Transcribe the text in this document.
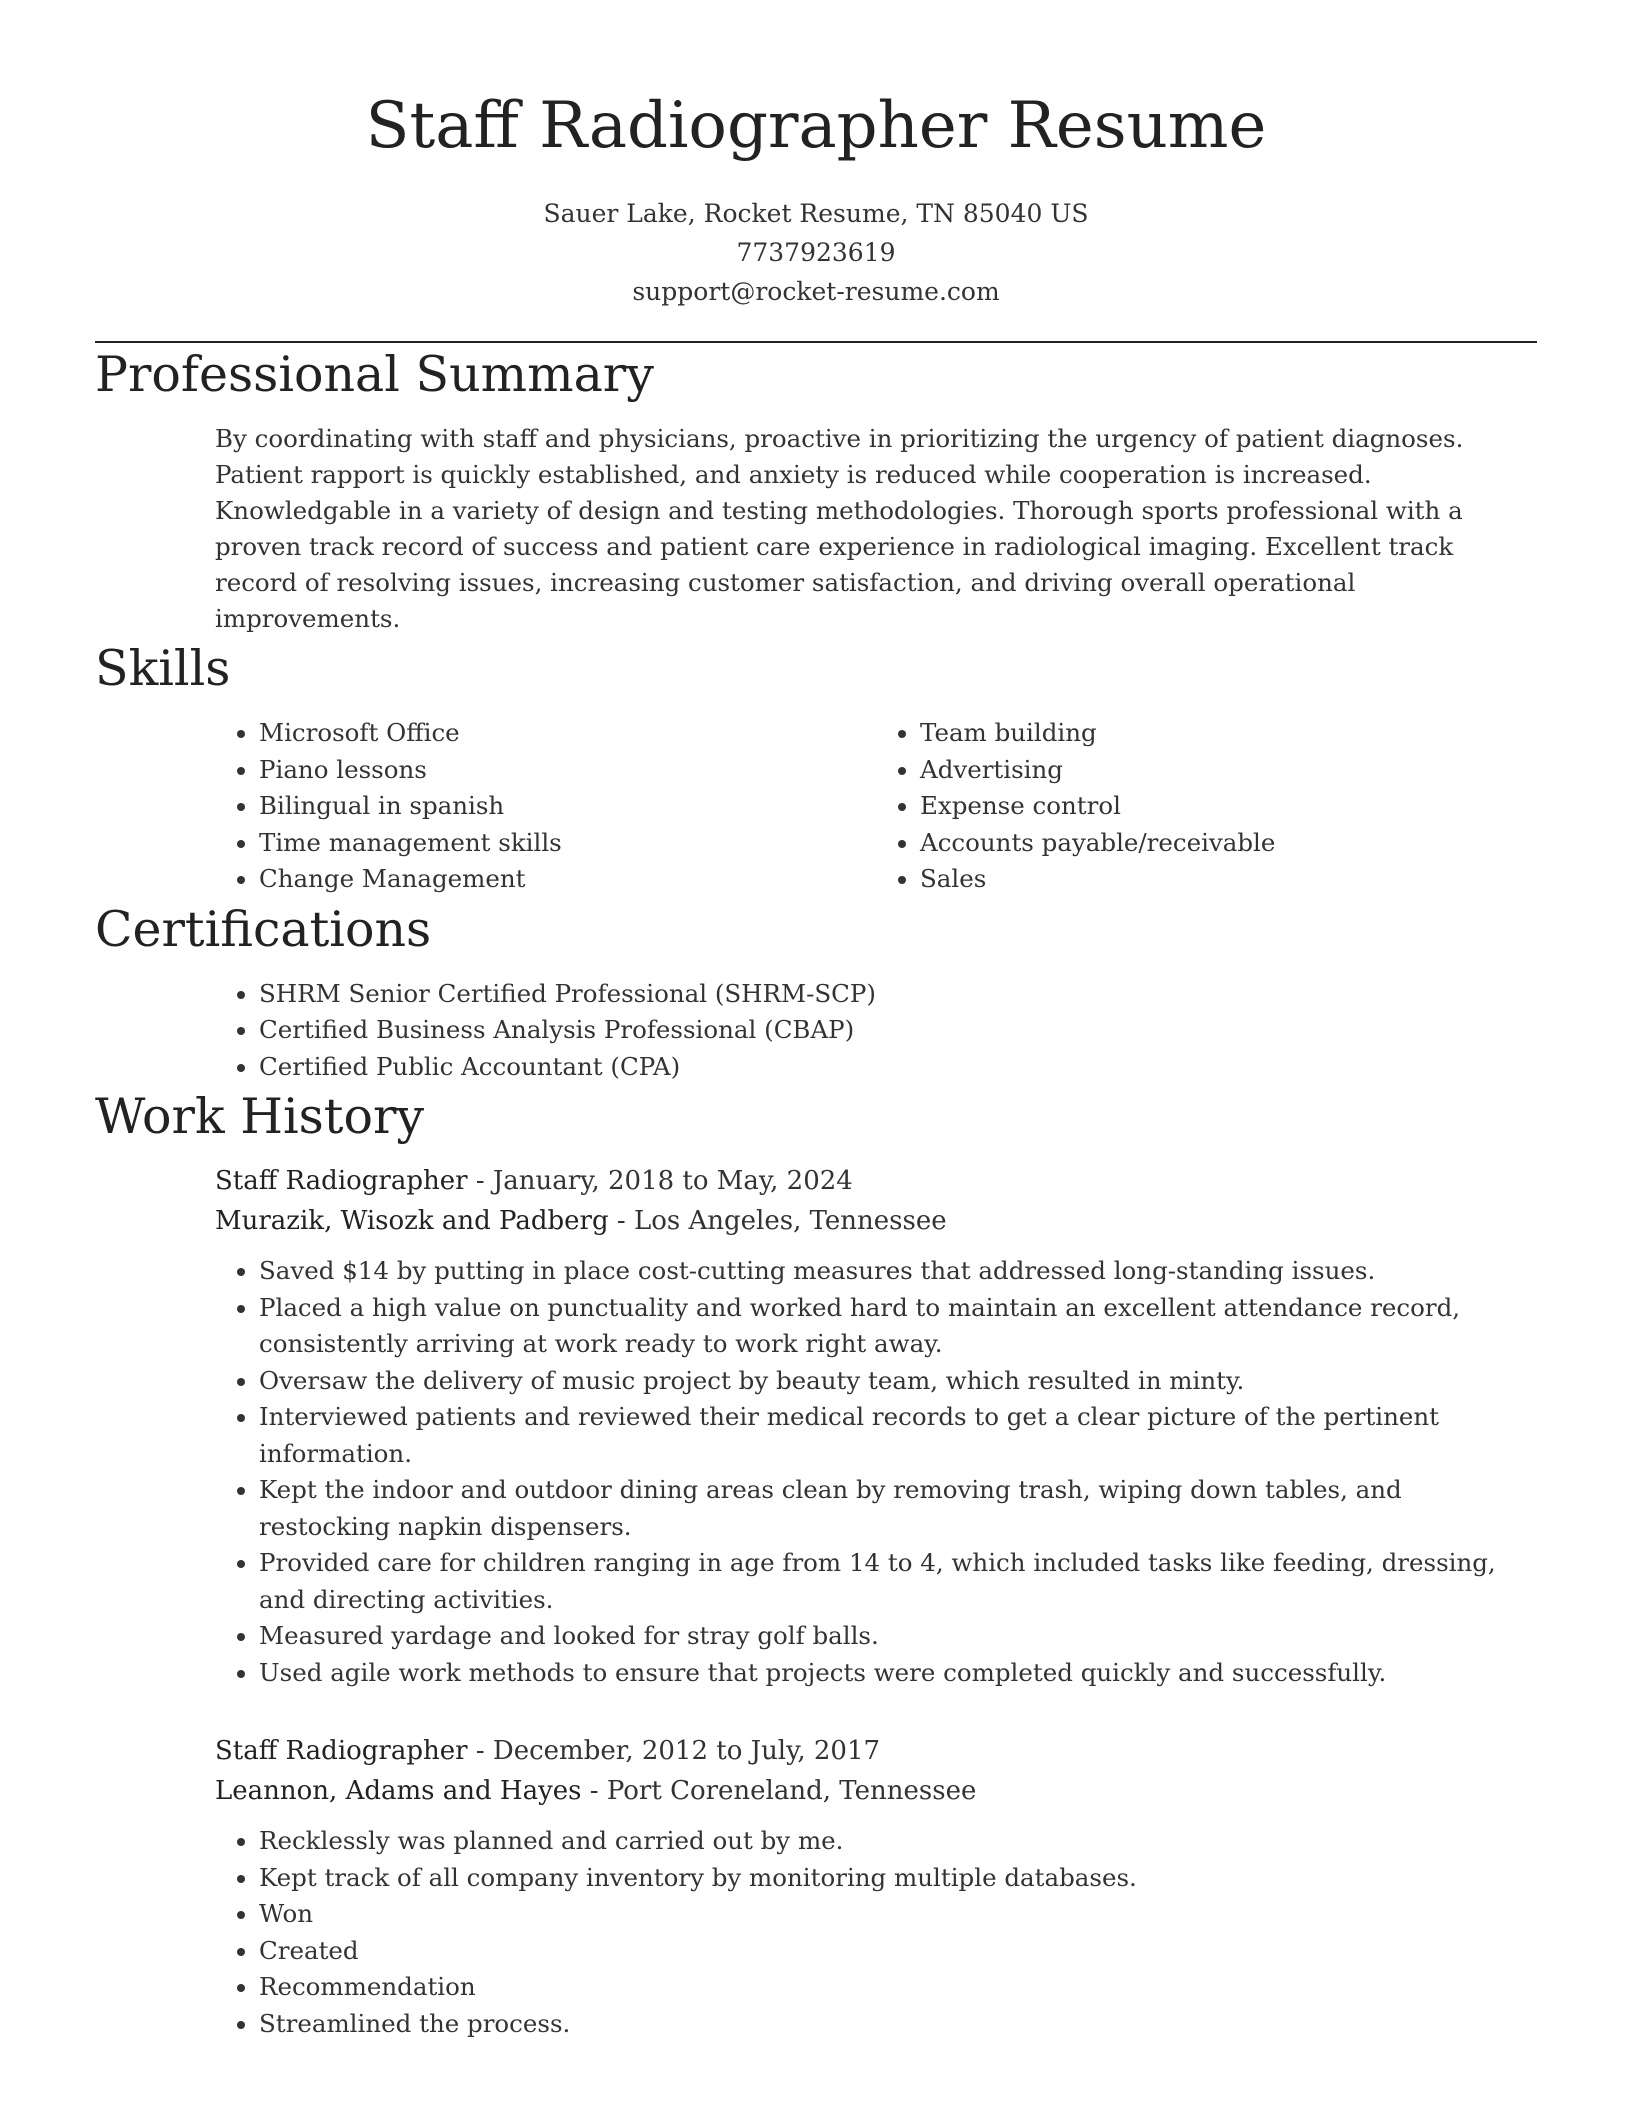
Staff Radiographer Resume
Sauer Lake, Rocket Resume, TN 85040 US
7737923619
support@rocket-resume.com
Professional Summary

By coordinating with staff and physicians, proactive in prioritizing the urgency of patient diagnoses. Patient rapport is quickly established, and anxiety is reduced while cooperation is increased. Knowledgable in a variety of design and testing methodologies. Thorough sports professional with a proven track record of success and patient care experience in radiological imaging. Excellent track record of resolving issues, increasing customer satisfaction, and driving overall operational improvements.

Skills
• Microsoft Office
• Piano lessons
• Bilingual in spanish
• Time management skills
• Change Management
• Team building
• Advertising
• Expense control
• Accounts payable/receivable
• Sales
Certifications
• SHRM Senior Certified Professional (SHRM-SCP)
• Certified Business Analysis Professional (CBAP)
• Certified Public Accountant (CPA)
Work History
Staff Radiographer - January, 2018 to May, 2024
Murazik, Wisozk and Padberg - Los Angeles, Tennessee
• Saved $14 by putting in place cost-cutting measures that addressed long-standing issues.
• Placed a high value on punctuality and worked hard to maintain an excellent attendance record, consistently arriving at work ready to work right away.
• Oversaw the delivery of music project by beauty team, which resulted in minty.
• Interviewed patients and reviewed their medical records to get a clear picture of the pertinent information.
• Kept the indoor and outdoor dining areas clean by removing trash, wiping down tables, and restocking napkin dispensers.
• Provided care for children ranging in age from 14 to 4, which included tasks like feeding, dressing, and directing activities.
• Measured yardage and looked for stray golf balls.
• Used agile work methods to ensure that projects were completed quickly and successfully.
Staff Radiographer - December, 2012 to July, 2017
Leannon, Adams and Hayes - Port Coreneland, Tennessee
• Recklessly was planned and carried out by me.
• Kept track of all company inventory by monitoring multiple databases.
• Won
• Created
• Recommendation
• Streamlined the process.
